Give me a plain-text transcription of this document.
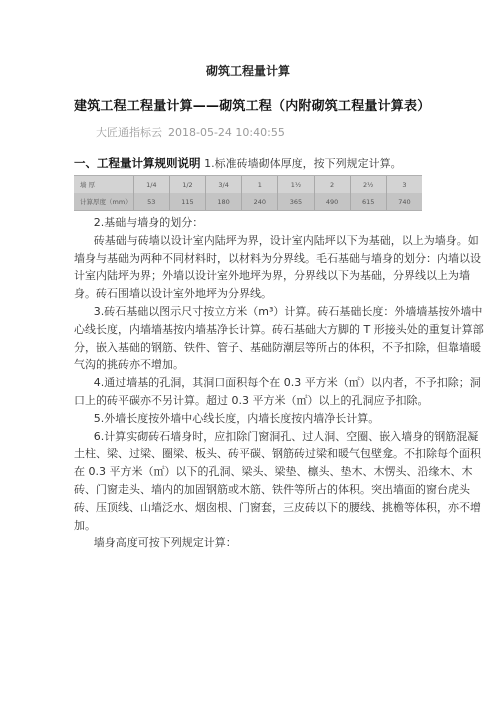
砌筑工程量计算
建筑工程工程量计算——砌筑工程（内附砌筑工程量计算表）
大匠通指标云 2018-05-24 10:40:55
一、工程量计算规则说明 1.标准砖墙砌体厚度，按下列规定计算。
墙 厚	1/4	1/2	3/4	1	1½	2	2½	3
计算厚度（mm）	53	115	180	240	365	490	615	740

2.基础与墙身的划分：

砖基础与砖墙以设计室内陆坪为界，设计室内陆坪以下为基础，以上为墙身。如墙身与基础为两种不同材料时，以材料为分界线。毛石基础与墙身的划分：内墙以设计室内陆坪为界；外墙以设计室外地坪为界，分界线以下为基础，分界线以上为墙身。砖石围墙以设计室外地坪为分界线。

3.砖石基础以图示尺寸按立方米（m³）计算。砖石基础长度：外墙墙基按外墙中心线长度，内墙墙基按内墙基净长计算。砖石基础大方脚的 T 形接头处的重复计算部分，嵌入基础的钢筋、铁件、管子、基础防潮层等所占的体积，不予扣除，但靠墙暖气沟的挑砖亦不增加。

4.通过墙基的孔洞，其洞口面积每个在 0.3 平方米（㎡）以内者，不予扣除；洞口上的砖平碳亦不另计算。超过 0.3 平方米（㎡）以上的孔洞应予扣除。

5.外墙长度按外墙中心线长度，内墙长度按内墙净长计算。

6.计算实砌砖石墙身时，应扣除门窗洞孔、过人洞、空圈、嵌入墙身的钢筋混凝土柱、梁、过梁、圈梁、板头、砖平碳、钢筋砖过梁和暖气包壁龛。不扣除每个面积在 0.3 平方米（㎡）以下的孔洞、梁头、梁垫、檩头、垫木、木愣头、沿缘木、木砖、门窗走头、墙内的加固钢筋或木筋、铁件等所占的体积。突出墙面的窗台虎头砖、压顶线、山墙泛水、烟囱根、门窗套，三皮砖以下的腰线、挑檐等体积，亦不增加。

墙身高度可按下列规定计算：
